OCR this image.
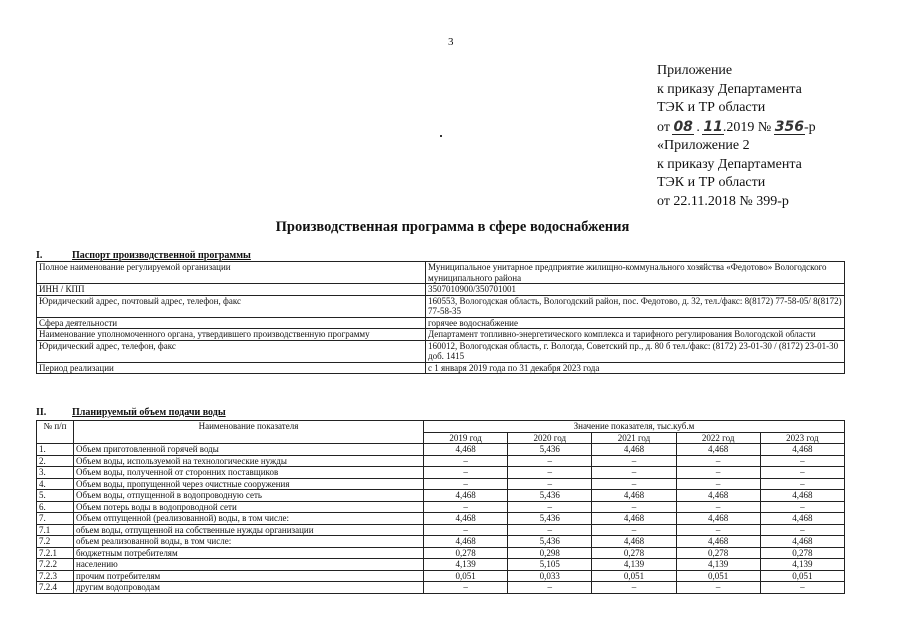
3
Приложение
к приказу Департамента
ТЭК и ТР области
от 08 . 11.2019 № 356-р
«Приложение 2
к приказу Департамента
ТЭК и ТР области
от 22.11.2018 № 399-р
Производственная программа в сфере водоснабжения
I.	Паспорт производственной программы
Полное наименование регулируемой организации	Муниципальное унитарное предприятие жилищно-коммунального хозяйства «Федотово» Вологодского муниципального района
ИНН / КПП	3507010900/350701001
Юридический адрес, почтовый адрес, телефон, факс	160553, Вологодская область, Вологодский район, пос. Федотово, д. 32, тел./факс: 8(8172) 77-58-05/ 8(8172) 77-58-35
Сфера деятельности	горячее водоснабжение
Наименование уполномоченного органа, утвердившего производственную программу	Департамент топливно-энергетического комплекса и тарифного регулирования Вологодской области
Юридический адрес, телефон, факс	160012, Вологодская область, г. Вологда, Советский пр., д. 80 б тел./факс: (8172) 23-01-30 / (8172) 23-01-30 доб. 1415
Период реализации	с 1 января 2019 года по 31 декабря 2023 года
II.	Планируемый объем подачи воды
№ п/п	Наименование показателя	Значение показателя, тыс.куб.м				
		2019 год	2020 год	2021 год	2022 год	2023 год
1.	Объем приготовленной горячей воды	4,468	5,436	4,468	4,468	4,468
2.	Объем воды, используемой на технологические нужды	–	–	–	–	–
3.	Объем воды, полученной от сторонних поставщиков	–	–	–	–	–
4.	Объем воды, пропущенной через очистные сооружения	–	–	–	–	–
5.	Объем воды, отпущенной в водопроводную сеть	4,468	5,436	4,468	4,468	4,468
6.	Объем потерь воды в водопроводной сети	–	–	–	–	–
7.	Объем отпущенной (реализованной) воды, в том числе:	4,468	5,436	4,468	4,468	4,468
7.1	объем воды, отпущенной на собственные нужды организации	–	–	–	–	–
7.2	объем реализованной воды, в том числе:	4,468	5,436	4,468	4,468	4,468
7.2.1	бюджетным потребителям	0,278	0,298	0,278	0,278	0,278
7.2.2	населению	4,139	5,105	4,139	4,139	4,139
7.2.3	прочим потребителям	0,051	0,033	0,051	0,051	0,051
7.2.4	другим водопроводам	–	–	–	–	–
